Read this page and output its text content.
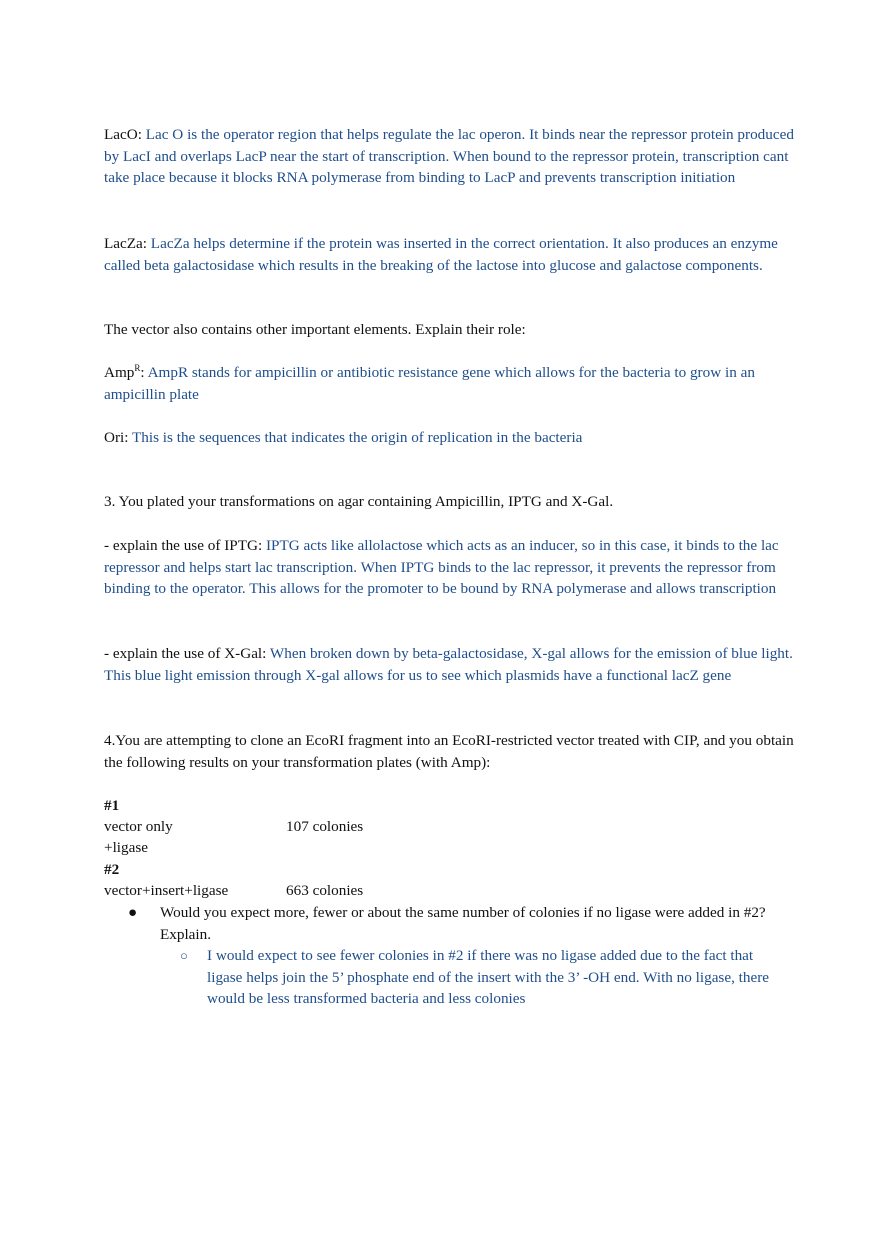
LacO: Lac O is the operator region that helps regulate the lac operon. It binds near the repressor protein produced by LacI and overlaps LacP near the start of transcription. When bound to the repressor protein, transcription cant take place because it blocks RNA polymerase from binding to LacP and prevents transcription initiation

LacZa: LacZa helps determine if the protein was inserted in the correct orientation. It also produces an enzyme called beta galactosidase which results in the breaking of the lactose into glucose and galactose components.

The vector also contains other important elements. Explain their role:

Amp$^R$: AmpR stands for ampicillin or antibiotic resistance gene which allows for the bacteria to grow in an ampicillin plate

Ori: This is the sequences that indicates the origin of replication in the bacteria

3. You plated your transformations on agar containing Ampicillin, IPTG and X-Gal.

- explain the use of IPTG: IPTG acts like allolactose which acts as an inducer, so in this case, it binds to the lac repressor and helps start lac transcription. When IPTG binds to the lac repressor, it prevents the repressor from binding to the operator. This allows for the promoter to be bound by RNA polymerase and allows transcription

- explain the use of X-Gal: When broken down by beta-galactosidase, X-gal allows for the emission of blue light. This blue light emission through X-gal allows for us to see which plasmids have a functional lacZ gene

4.You are attempting to clone an EcoRI fragment into an EcoRI-restricted vector treated with CIP, and you obtain the following results on your transformation plates (with Amp):

#1
vector only	107 colonies
+ligase
#2
vector+insert+ligase	663 colonies
●	Would you expect more, fewer or about the same number of colonies if no ligase were added in #2? Explain.
○	I would expect to see fewer colonies in #2 if there was no ligase added due to the fact that ligase helps join the 5’ phosphate end of the insert with the 3’ -OH end. With no ligase, there would be less transformed bacteria and less colonies
